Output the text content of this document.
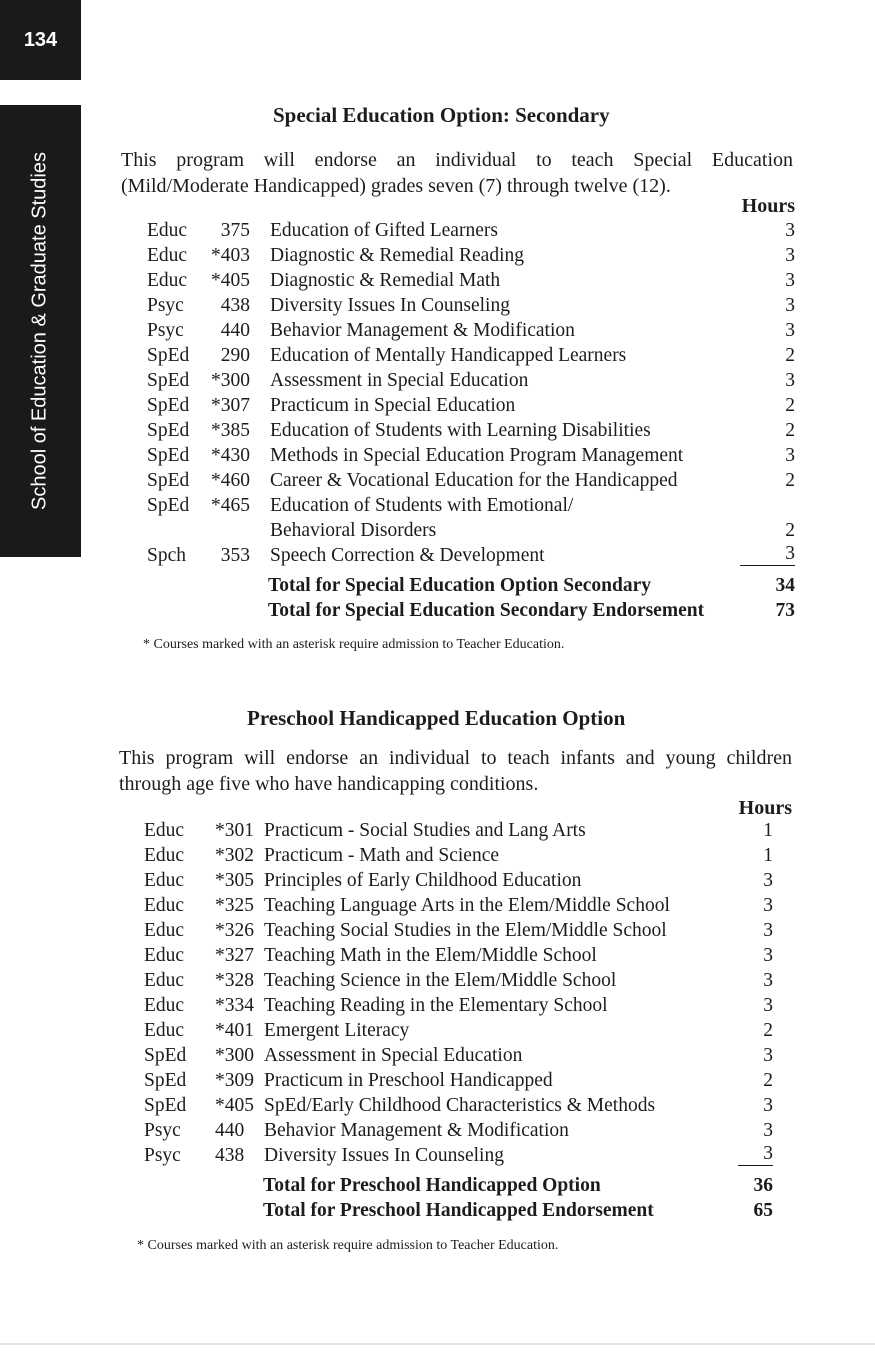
134
School of Education & Graduate Studies
Special Education Option: Secondary

This program will endorse an individual to teach Special Education (Mild/Moderate Handicapped) grades seven (7) through twelve (12).

Hours
Educ	375 Education of Gifted Learners	3
Educ	*403 Diagnostic & Remedial Reading	3
Educ	*405 Diagnostic & Remedial Math	3
Psyc	438 Diversity Issues In Counseling	3
Psyc	440 Behavior Management & Modification	3
SpEd	290 Education of Mentally Handicapped Learners	2
SpEd	*300 Assessment in Special Education	3
SpEd	*307 Practicum in Special Education	2
SpEd	*385 Education of Students with Learning Disabilities	2
SpEd	*430 Methods in Special Education Program Management	3
SpEd	*460 Career & Vocational Education for the Handicapped	2
SpEd	*465 Education of Students with Emotional/
Behavioral Disorders	2
Spch	353 Speech Correction & Development	3
Total for Special Education Option Secondary	34
Total for Special Education Secondary Endorsement	73
* Courses marked with an asterisk require admission to Teacher Education.
Preschool Handicapped Education Option

This program will endorse an individual to teach infants and young children through age five who have handicapping conditions.

Hours
Educ *301 Practicum - Social Studies and Lang Arts	1
Educ *302 Practicum - Math and Science	1
Educ *305 Principles of Early Childhood Education	3
Educ *325 Teaching Language Arts in the Elem/Middle School	3
Educ *326 Teaching Social Studies in the Elem/Middle School	3
Educ *327 Teaching Math in the Elem/Middle School	3
Educ *328 Teaching Science in the Elem/Middle School	3
Educ *334 Teaching Reading in the Elementary School	3
Educ *401 Emergent Literacy	2
SpEd *300 Assessment in Special Education	3
SpEd *309 Practicum in Preschool Handicapped	2
SpEd *405 SpEd/Early Childhood Characteristics & Methods	3
Psyc 440 Behavior Management & Modification	3
Psyc 438 Diversity Issues In Counseling	3
Total for Preschool Handicapped Option	36
Total for Preschool Handicapped Endorsement	65
* Courses marked with an asterisk require admission to Teacher Education.
